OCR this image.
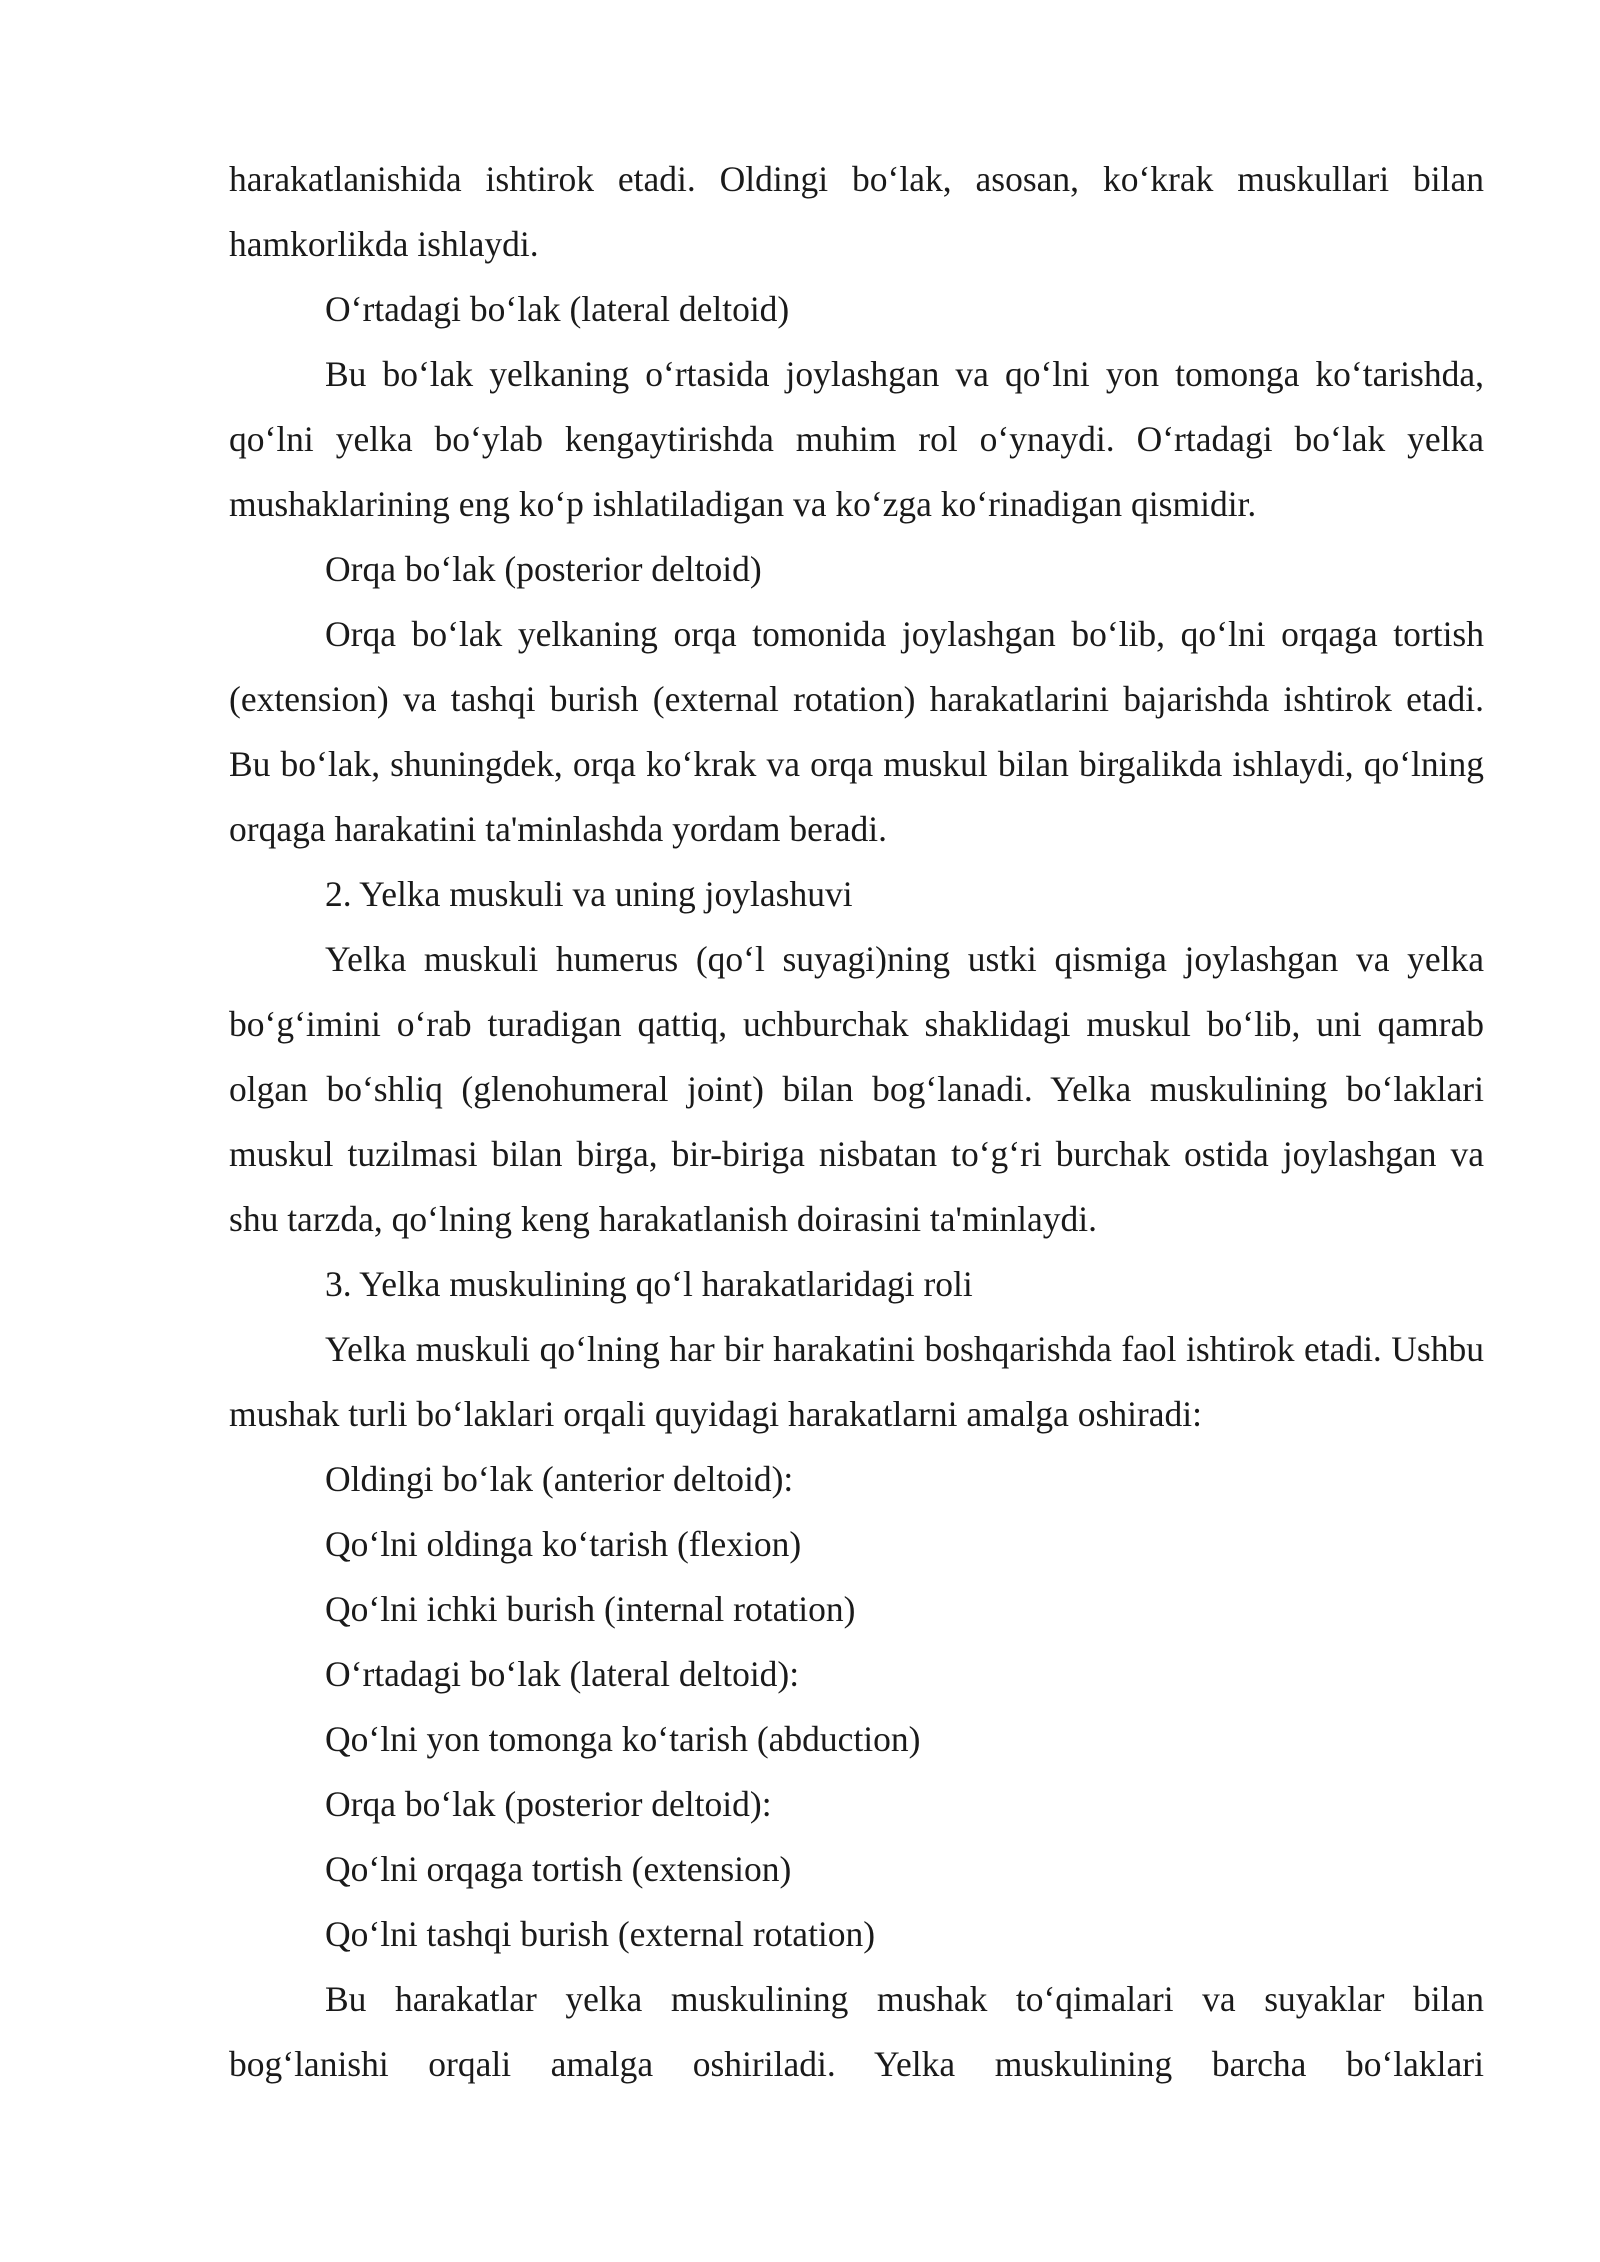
harakatlanishida ishtirok etadi. Oldingi bo‘lak, asosan, ko‘krak muskullari bilan hamkorlikda ishlaydi.

O‘rtadagi bo‘lak (lateral deltoid)

Bu bo‘lak yelkaning o‘rtasida joylashgan va qo‘lni yon tomonga ko‘tarishda, qo‘lni yelka bo‘ylab kengaytirishda muhim rol o‘ynaydi. O‘rtadagi bo‘lak yelka mushaklarining eng ko‘p ishlatiladigan va ko‘zga ko‘rinadigan qismidir.

Orqa bo‘lak (posterior deltoid)

Orqa bo‘lak yelkaning orqa tomonida joylashgan bo‘lib, qo‘lni orqaga tortish (extension) va tashqi burish (external rotation) harakatlarini bajarishda ishtirok etadi. Bu bo‘lak, shuningdek, orqa ko‘krak va orqa muskul bilan birgalikda ishlaydi, qo‘lning orqaga harakatini ta'minlashda yordam beradi.

2. Yelka muskuli va uning joylashuvi

Yelka muskuli humerus (qo‘l suyagi)ning ustki qismiga joylashgan va yelka bo‘g‘imini o‘rab turadigan qattiq, uchburchak shaklidagi muskul bo‘lib, uni qamrab olgan bo‘shliq (glenohumeral joint) bilan bog‘lanadi. Yelka muskulining bo‘laklari muskul tuzilmasi bilan birga, bir-biriga nisbatan to‘g‘ri burchak ostida joylashgan va shu tarzda, qo‘lning keng harakatlanish doirasini ta'minlaydi.

3. Yelka muskulining qo‘l harakatlaridagi roli

Yelka muskuli qo‘lning har bir harakatini boshqarishda faol ishtirok etadi. Ushbu mushak turli bo‘laklari orqali quyidagi harakatlarni amalga oshiradi:

Oldingi bo‘lak (anterior deltoid):

Qo‘lni oldinga ko‘tarish (flexion)

Qo‘lni ichki burish (internal rotation)

O‘rtadagi bo‘lak (lateral deltoid):

Qo‘lni yon tomonga ko‘tarish (abduction)

Orqa bo‘lak (posterior deltoid):

Qo‘lni orqaga tortish (extension)

Qo‘lni tashqi burish (external rotation)

Bu harakatlar yelka muskulining mushak to‘qimalari va suyaklar bilan bog‘lanishi orqali amalga oshiriladi. Yelka muskulining barcha bo‘laklari
